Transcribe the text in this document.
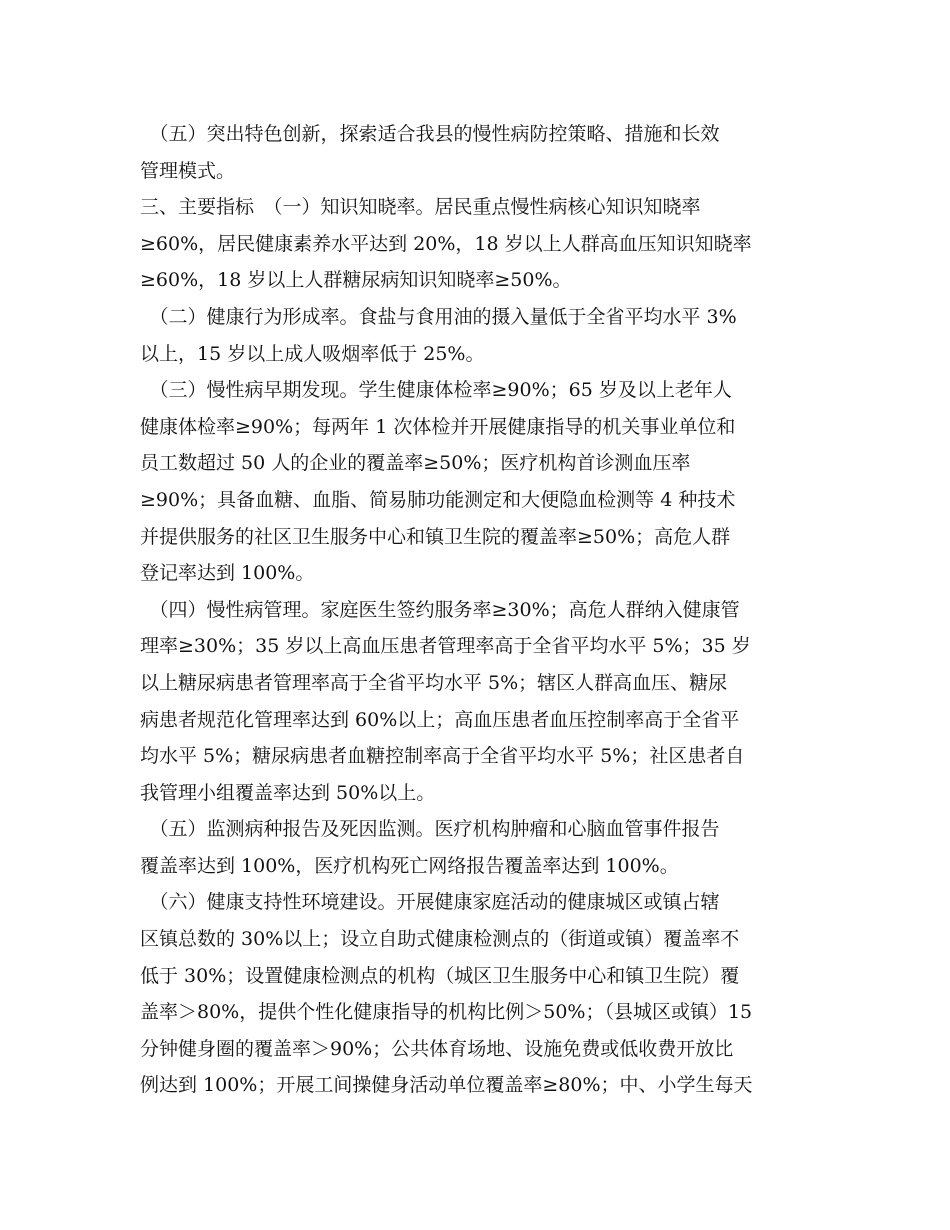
　（五）突出特色创新，探索适合我县的慢性病防控策略、措施和长效
管理模式。
三、主要指标　（一）知识知晓率。居民重点慢性病核心知识知晓率
≥60%，居民健康素养水平达到 20%，18 岁以上人群高血压知识知晓率
≥60%，18 岁以上人群糖尿病知识知晓率≥50%。
　（二）健康行为形成率。食盐与食用油的摄入量低于全省平均水平 3%
以上，15 岁以上成人吸烟率低于 25%。
　（三）慢性病早期发现。学生健康体检率≥90%；65 岁及以上老年人
健康体检率≥90%；每两年 1 次体检并开展健康指导的机关事业单位和
员工数超过 50 人的企业的覆盖率≥50%；医疗机构首诊测血压率
≥90%；具备血糖、血脂、简易肺功能测定和大便隐血检测等 4 种技术
并提供服务的社区卫生服务中心和镇卫生院的覆盖率≥50%；高危人群
登记率达到 100%。
　（四）慢性病管理。家庭医生签约服务率≥30%；高危人群纳入健康管
理率≥30%；35 岁以上高血压患者管理率高于全省平均水平 5%；35 岁
以上糖尿病患者管理率高于全省平均水平 5%；辖区人群高血压、糖尿
病患者规范化管理率达到 60%以上；高血压患者血压控制率高于全省平
均水平 5%；糖尿病患者血糖控制率高于全省平均水平 5%；社区患者自
我管理小组覆盖率达到 50%以上。
　（五）监测病种报告及死因监测。医疗机构肿瘤和心脑血管事件报告
覆盖率达到 100%，医疗机构死亡网络报告覆盖率达到 100%。
　（六）健康支持性环境建设。开展健康家庭活动的健康城区或镇占辖
区镇总数的 30%以上；设立自助式健康检测点的（街道或镇）覆盖率不
低于 30%；设置健康检测点的机构（城区卫生服务中心和镇卫生院）覆
盖率＞80%，提供个性化健康指导的机构比例＞50%；（县城区或镇）15
分钟健身圈的覆盖率＞90%；公共体育场地、设施免费或低收费开放比
例达到 100%；开展工间操健身活动单位覆盖率≥80%；中、小学生每天
